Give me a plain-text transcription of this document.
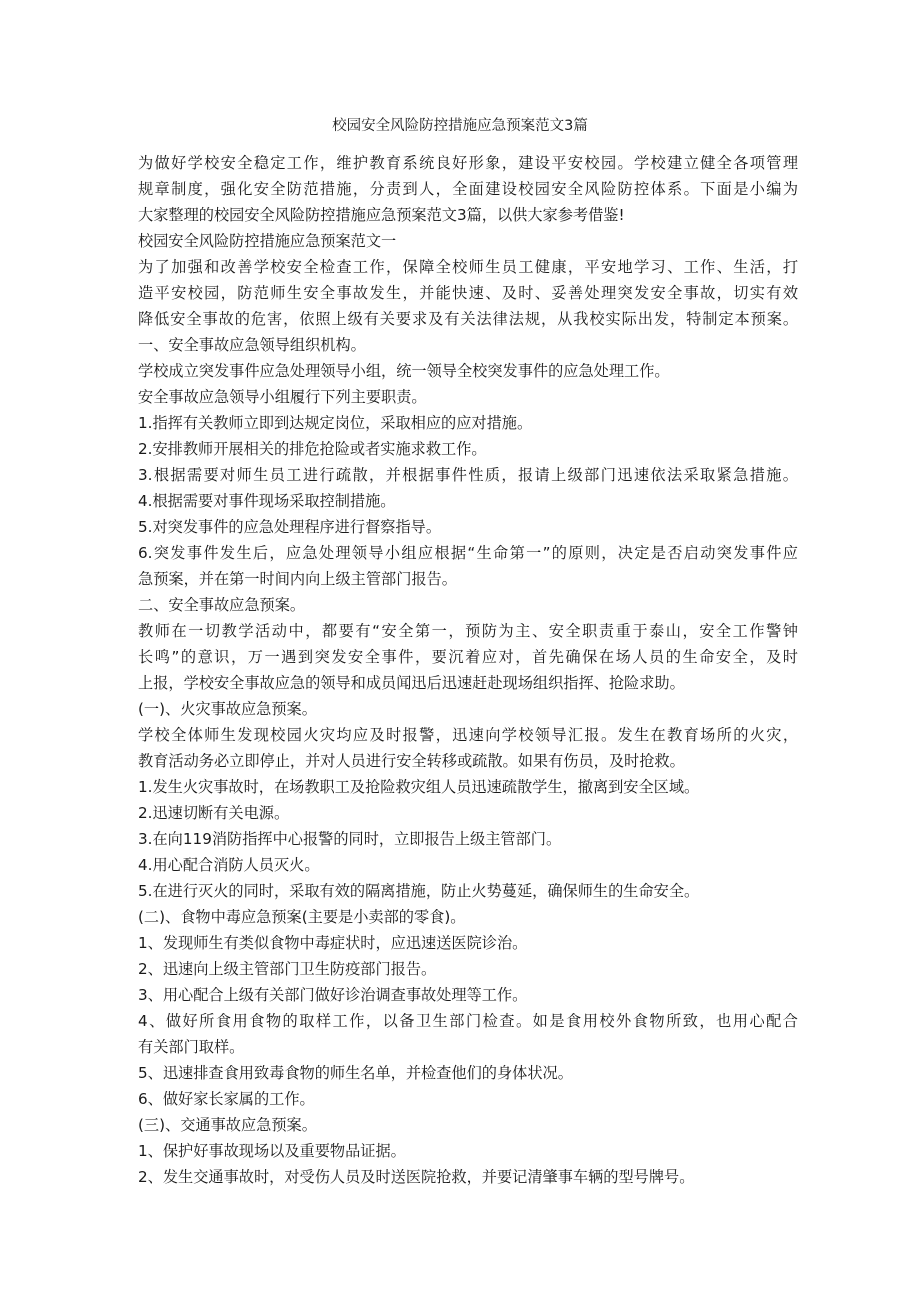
校园安全风险防控措施应急预案范文3篇
为做好学校安全稳定工作，维护教育系统良好形象，建设平安校园。学校建立健全各项管理
规章制度，强化安全防范措施，分责到人，全面建设校园安全风险防控体系。下面是小编为
大家整理的校园安全风险防控措施应急预案范文3篇，以供大家参考借鉴!
校园安全风险防控措施应急预案范文一
为了加强和改善学校安全检查工作，保障全校师生员工健康，平安地学习、工作、生活，打
造平安校园，防范师生安全事故发生，并能快速、及时、妥善处理突发安全事故，切实有效
降低安全事故的危害，依照上级有关要求及有关法律法规，从我校实际出发，特制定本预案。
一、安全事故应急领导组织机构。
学校成立突发事件应急处理领导小组，统一领导全校突发事件的应急处理工作。
安全事故应急领导小组履行下列主要职责。
1.指挥有关教师立即到达规定岗位，采取相应的应对措施。
2.安排教师开展相关的排危抢险或者实施求救工作。
3.根据需要对师生员工进行疏散，并根据事件性质，报请上级部门迅速依法采取紧急措施。
4.根据需要对事件现场采取控制措施。
5.对突发事件的应急处理程序进行督察指导。
6.突发事件发生后，应急处理领导小组应根据“生命第一”的原则，决定是否启动突发事件应
急预案，并在第一时间内向上级主管部门报告。
二、安全事故应急预案。
教师在一切教学活动中，都要有“安全第一，预防为主、安全职责重于泰山，安全工作警钟
长鸣”的意识，万一遇到突发安全事件，要沉着应对，首先确保在场人员的生命安全，及时
上报，学校安全事故应急的领导和成员闻迅后迅速赶赴现场组织指挥、抢险求助。
(一)、火灾事故应急预案。
学校全体师生发现校园火灾均应及时报警，迅速向学校领导汇报。发生在教育场所的火灾，
教育活动务必立即停止，并对人员进行安全转移或疏散。如果有伤员，及时抢救。
1.发生火灾事故时，在场教职工及抢险救灾组人员迅速疏散学生，撤离到安全区域。
2.迅速切断有关电源。
3.在向119消防指挥中心报警的同时，立即报告上级主管部门。
4.用心配合消防人员灭火。
5.在进行灭火的同时，采取有效的隔离措施，防止火势蔓延，确保师生的生命安全。
(二)、食物中毒应急预案(主要是小卖部的零食)。
1、发现师生有类似食物中毒症状时，应迅速送医院诊治。
2、迅速向上级主管部门卫生防疫部门报告。
3、用心配合上级有关部门做好诊治调查事故处理等工作。
4、做好所食用食物的取样工作，以备卫生部门检查。如是食用校外食物所致，也用心配合
有关部门取样。
5、迅速排查食用致毒食物的师生名单，并检查他们的身体状况。
6、做好家长家属的工作。
(三)、交通事故应急预案。
1、保护好事故现场以及重要物品证据。
2、发生交通事故时，对受伤人员及时送医院抢救，并要记清肇事车辆的型号牌号。
